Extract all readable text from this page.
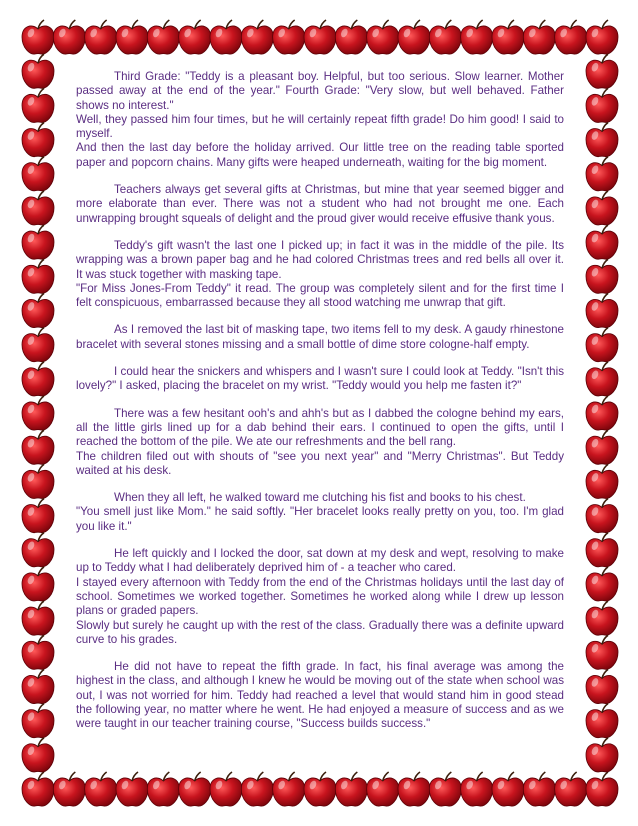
Third Grade: "Teddy is a pleasant boy. Helpful, but too serious. Slow learner. Mother passed away at the end of the year." Fourth Grade: "Very slow, but well behaved. Father shows no interest."

Well, they passed him four times, but he will certainly repeat fifth grade! Do him good! I said to myself.

And then the last day before the holiday arrived. Our little tree on the reading table sported paper and popcorn chains. Many gifts were heaped underneath, waiting for the big moment.

Teachers always get several gifts at Christmas, but mine that year seemed bigger and more elaborate than ever. There was not a student who had not brought me one. Each unwrapping brought squeals of delight and the proud giver would receive effusive thank yous.

Teddy's gift wasn't the last one I picked up; in fact it was in the middle of the pile. Its wrapping was a brown paper bag and he had colored Christmas trees and red bells all over it. It was stuck together with masking tape.

"For Miss Jones-From Teddy" it read. The group was completely silent and for the first time I felt conspicuous, embarrassed because they all stood watching me unwrap that gift.

As I removed the last bit of masking tape, two items fell to my desk. A gaudy rhinestone bracelet with several stones missing and a small bottle of dime store cologne-half empty.

I could hear the snickers and whispers and I wasn't sure I could look at Teddy. "Isn't this lovely?" I asked, placing the bracelet on my wrist. "Teddy would you help me fasten it?"

There was a few hesitant ooh's and ahh's but as I dabbed the cologne behind my ears, all the little girls lined up for a dab behind their ears. I continued to open the gifts, until I reached the bottom of the pile. We ate our refreshments and the bell rang.

The children filed out with shouts of "see you next year" and "Merry Christmas". But Teddy waited at his desk.

When they all left, he walked toward me clutching his fist and books to his chest.

"You smell just like Mom." he said softly. "Her bracelet looks really pretty on you, too. I'm glad you like it."

He left quickly and I locked the door, sat down at my desk and wept, resolving to make up to Teddy what I had deliberately deprived him of - a teacher who cared.

I stayed every afternoon with Teddy from the end of the Christmas holidays until the last day of school. Sometimes we worked together. Sometimes he worked along while I drew up lesson plans or graded papers.

Slowly but surely he caught up with the rest of the class. Gradually there was a definite upward curve to his grades.

He did not have to repeat the fifth grade. In fact, his final average was among the highest in the class, and although I knew he would be moving out of the state when school was out, I was not worried for him. Teddy had reached a level that would stand him in good stead the following year, no matter where he went. He had enjoyed a measure of success and as we were taught in our teacher training course, "Success builds success."
